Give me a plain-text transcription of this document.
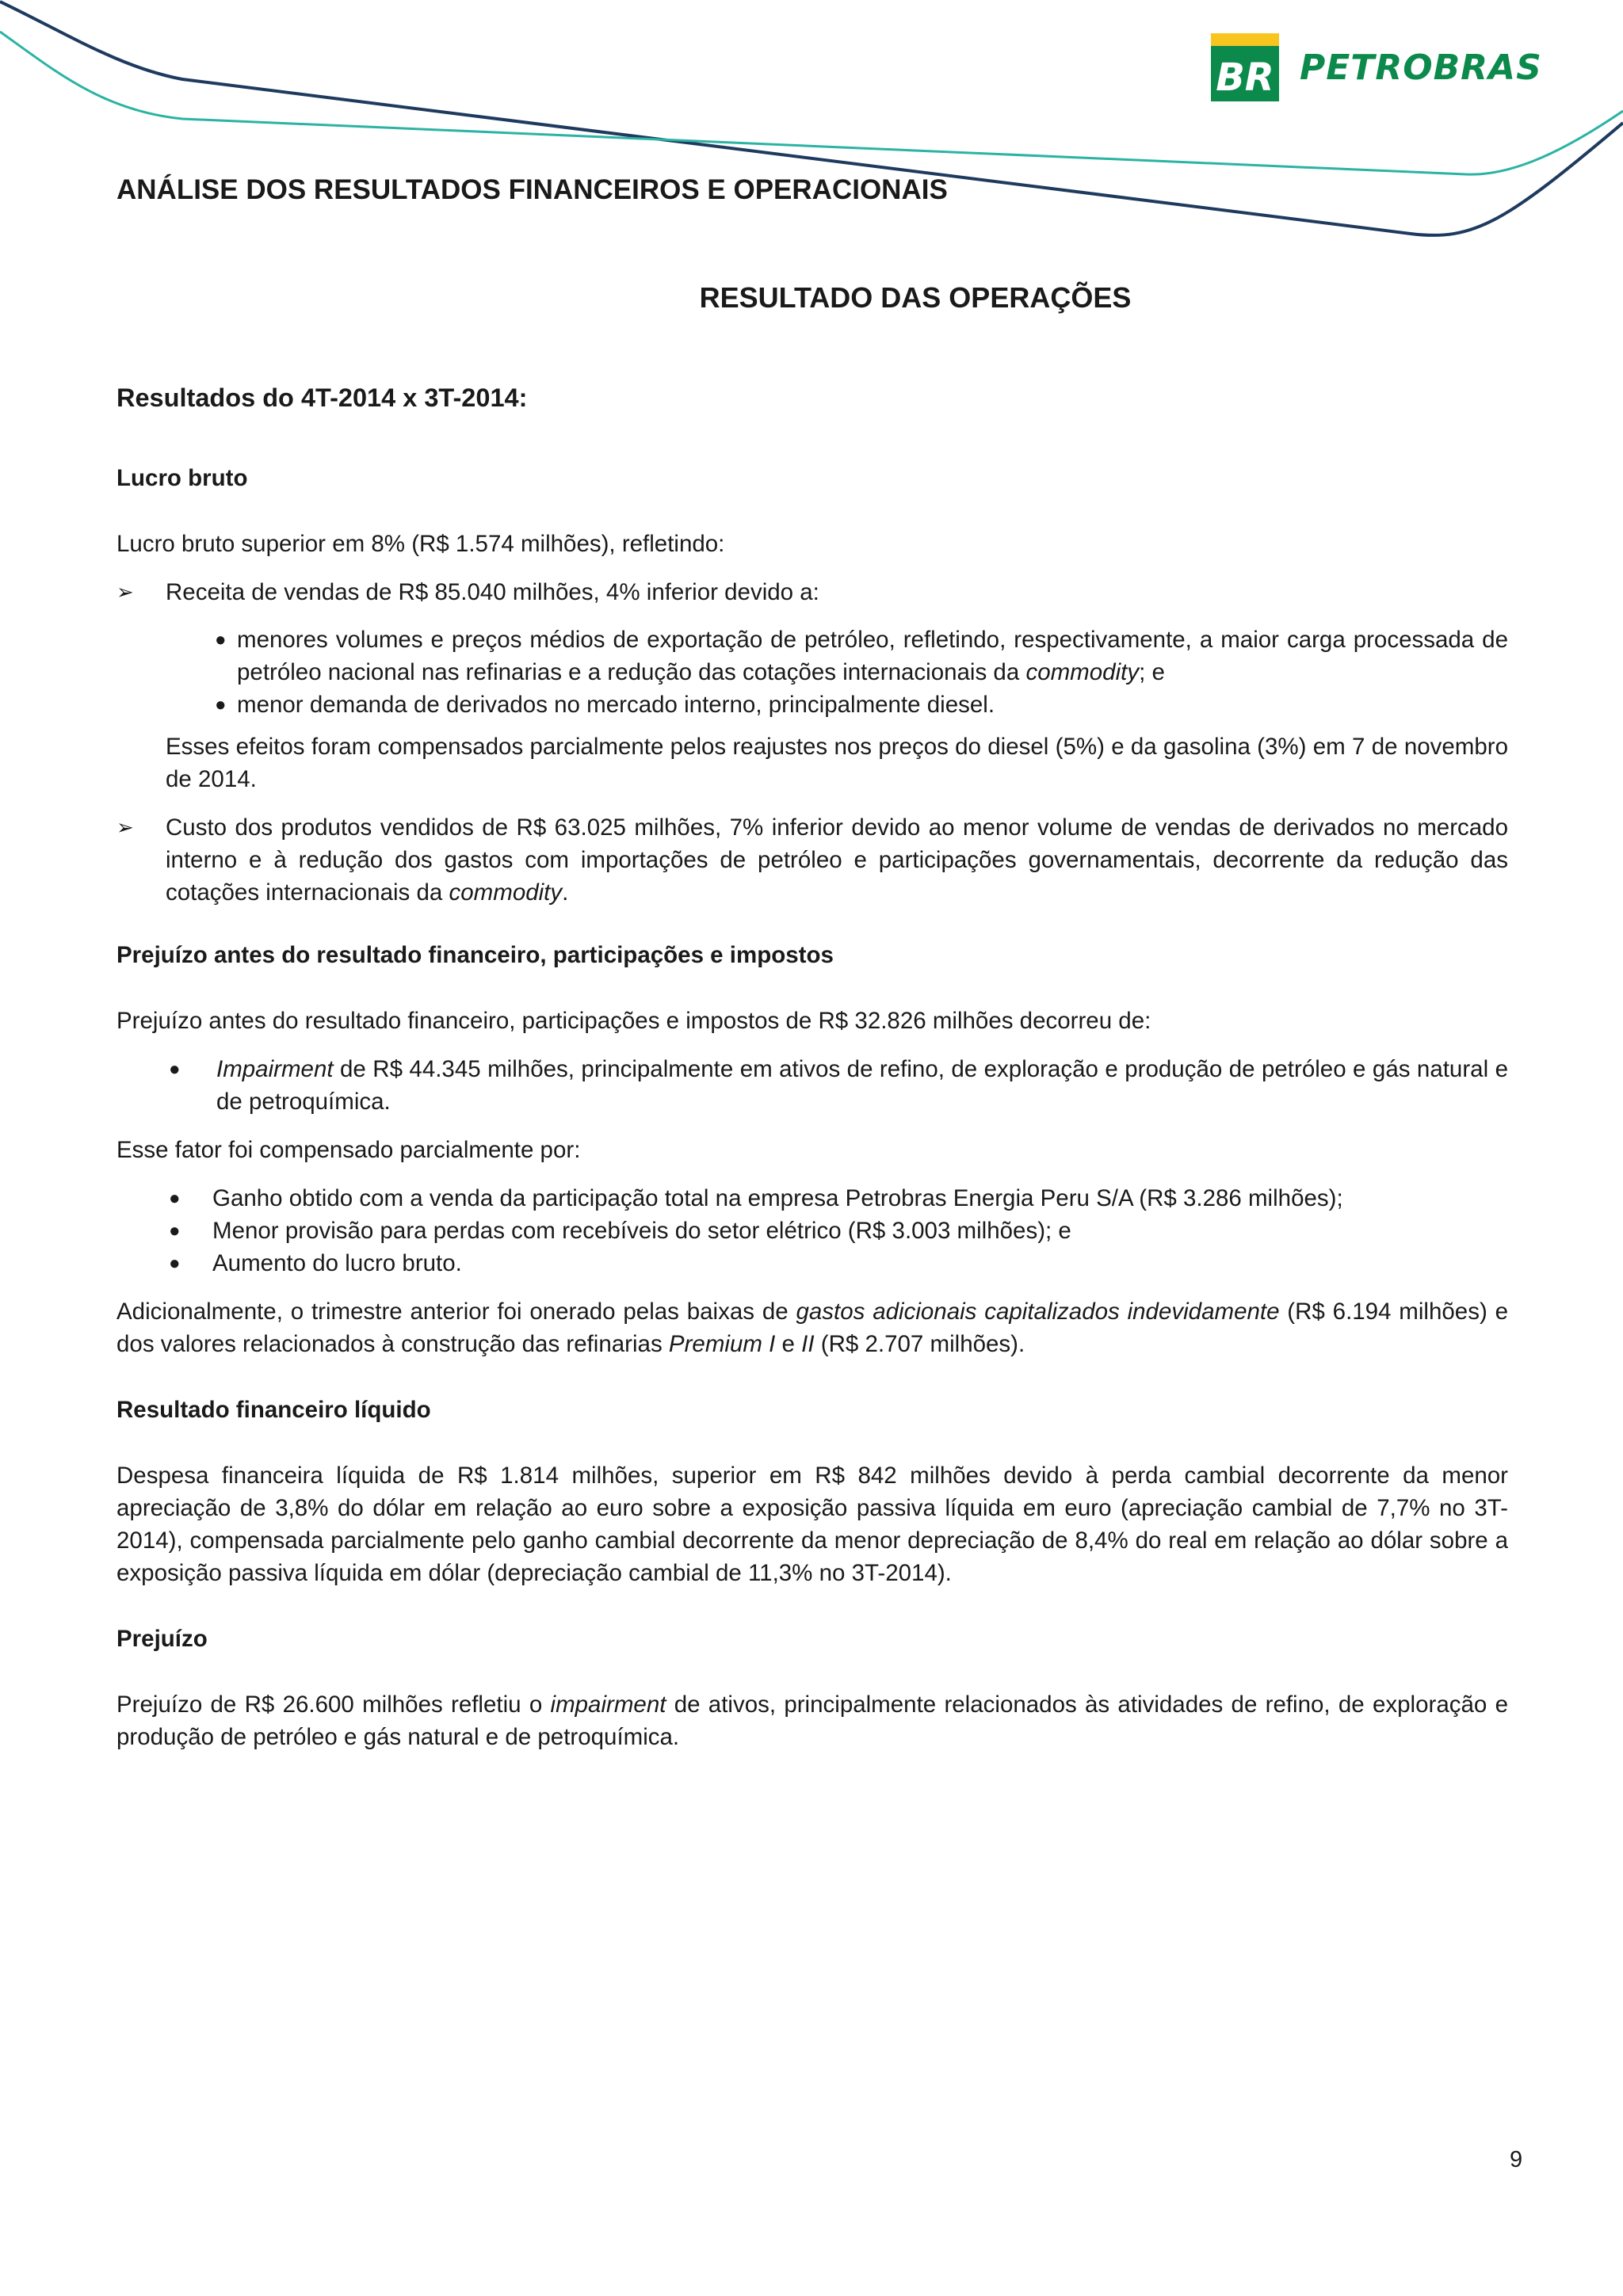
BR PETROBRAS
ANÁLISE DOS RESULTADOS FINANCEIROS E OPERACIONAIS
RESULTADO DAS OPERAÇÕES
Resultados do 4T-2014 x 3T-2014:
Lucro bruto

Lucro bruto superior em 8% (R$ 1.574 milhões), refletindo:

➢	Receita de vendas de R$ 85.040 milhões, 4% inferior devido a:
● menores volumes e preços médios de exportação de petróleo, refletindo, respectivamente, a maior carga processada de petróleo nacional nas refinarias e a redução das cotações internacionais da commodity; e
● menor demanda de derivados no mercado interno, principalmente diesel.

Esses efeitos foram compensados parcialmente pelos reajustes nos preços do diesel (5%) e da gasolina (3%) em 7 de novembro de 2014.

➢	Custo dos produtos vendidos de R$ 63.025 milhões, 7% inferior devido ao menor volume de vendas de derivados no mercado interno e à redução dos gastos com importações de petróleo e participações governamentais, decorrente da redução das cotações internacionais da commodity.
Prejuízo antes do resultado financeiro, participações e impostos

Prejuízo antes do resultado financeiro, participações e impostos de R$ 32.826 milhões decorreu de:

●	Impairment de R$ 44.345 milhões, principalmente em ativos de refino, de exploração e produção de petróleo e gás natural e de petroquímica.

Esse fator foi compensado parcialmente por:

●	Ganho obtido com a venda da participação total na empresa Petrobras Energia Peru S/A (R$ 3.286 milhões);
●	Menor provisão para perdas com recebíveis do setor elétrico (R$ 3.003 milhões); e
●	Aumento do lucro bruto.

Adicionalmente, o trimestre anterior foi onerado pelas baixas de gastos adicionais capitalizados indevidamente (R$ 6.194 milhões) e dos valores relacionados à construção das refinarias Premium I e II (R$ 2.707 milhões).

Resultado financeiro líquido

Despesa financeira líquida de R$ 1.814 milhões, superior em R$ 842 milhões devido à perda cambial decorrente da menor apreciação de 3,8% do dólar em relação ao euro sobre a exposição passiva líquida em euro (apreciação cambial de 7,7% no 3T-2014), compensada parcialmente pelo ganho cambial decorrente da menor depreciação de 8,4% do real em relação ao dólar sobre a exposição passiva líquida em dólar (depreciação cambial de 11,3% no 3T-2014).

Prejuízo

Prejuízo de R$ 26.600 milhões refletiu o impairment de ativos, principalmente relacionados às atividades de refino, de exploração e produção de petróleo e gás natural e de petroquímica.

9
